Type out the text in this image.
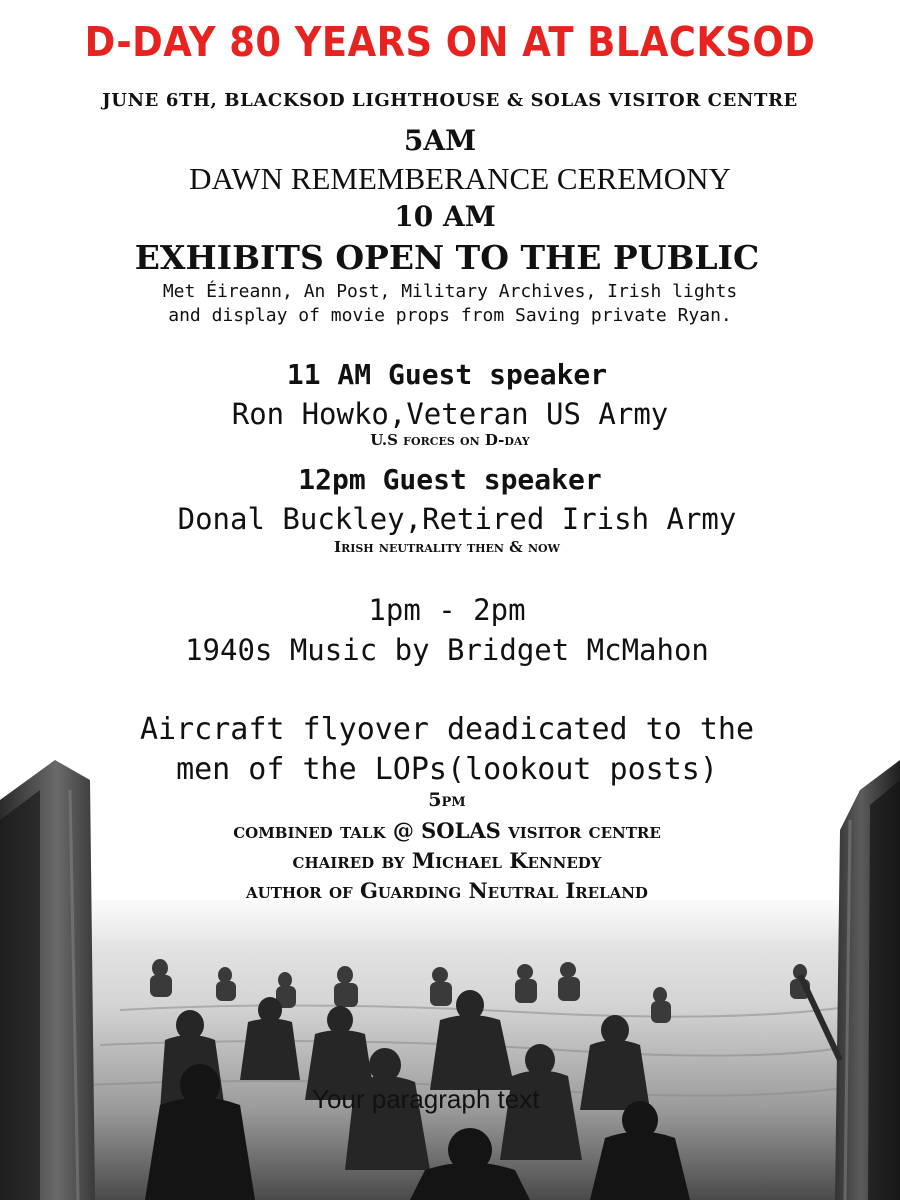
D-DAY 80 YEARS ON AT BLACKSOD
JUNE 6TH, BLACKSOD LIGHTHOUSE & SOLAS VISITOR CENTRE
5AM
DAWN REMEMBERANCE CEREMONY
10 AM
EXHIBITS OPEN TO THE PUBLIC
Met Éireann, An Post, Military Archives, Irish lights
and display of movie props from Saving private Ryan.
11 AM Guest speaker
Ron Howko,Veteran US Army
U.S forces on D-day
12pm Guest speaker
Donal Buckley,Retired Irish Army
Irish neutrality then & now
1pm - 2pm
1940s Music by Bridget McMahon
Aircraft flyover deadicated to the
men of the LOPs(lookout posts)
5pm
combined talk @ SOLAS visitor centre
chaired by Michael Kennedy
author of Guarding Neutral Ireland
Your paragraph text
